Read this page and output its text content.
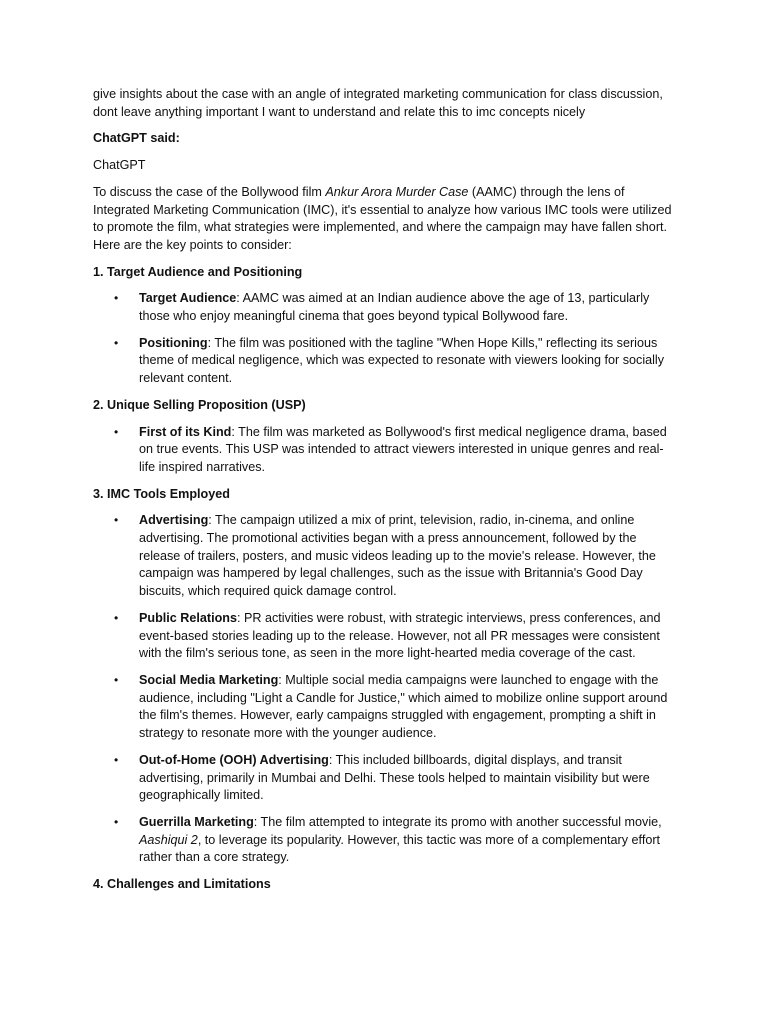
give insights about the case with an angle of integrated marketing communication for class discussion, dont leave anything important I want to understand and relate this to imc concepts nicely

ChatGPT said:

ChatGPT

To discuss the case of the Bollywood film Ankur Arora Murder Case (AAMC) through the lens of Integrated Marketing Communication (IMC), it's essential to analyze how various IMC tools were utilized to promote the film, what strategies were implemented, and where the campaign may have fallen short. Here are the key points to consider:

1. Target Audience and Positioning

• Target Audience: AAMC was aimed at an Indian audience above the age of 13, particularly those who enjoy meaningful cinema that goes beyond typical Bollywood fare.
• Positioning: The film was positioned with the tagline "When Hope Kills," reflecting its serious theme of medical negligence, which was expected to resonate with viewers looking for socially relevant content.

2. Unique Selling Proposition (USP)

• First of its Kind: The film was marketed as Bollywood's first medical negligence drama, based on true events. This USP was intended to attract viewers interested in unique genres and real-life inspired narratives.

3. IMC Tools Employed

• Advertising: The campaign utilized a mix of print, television, radio, in-cinema, and online advertising. The promotional activities began with a press announcement, followed by the release of trailers, posters, and music videos leading up to the movie's release. However, the campaign was hampered by legal challenges, such as the issue with Britannia's Good Day biscuits, which required quick damage control.
• Public Relations: PR activities were robust, with strategic interviews, press conferences, and event-based stories leading up to the release. However, not all PR messages were consistent with the film's serious tone, as seen in the more light-hearted media coverage of the cast.
• Social Media Marketing: Multiple social media campaigns were launched to engage with the audience, including "Light a Candle for Justice," which aimed to mobilize online support around the film's themes. However, early campaigns struggled with engagement, prompting a shift in strategy to resonate more with the younger audience.
• Out-of-Home (OOH) Advertising: This included billboards, digital displays, and transit advertising, primarily in Mumbai and Delhi. These tools helped to maintain visibility but were geographically limited.
• Guerrilla Marketing: The film attempted to integrate its promo with another successful movie, Aashiqui 2, to leverage its popularity. However, this tactic was more of a complementary effort rather than a core strategy.

4. Challenges and Limitations
